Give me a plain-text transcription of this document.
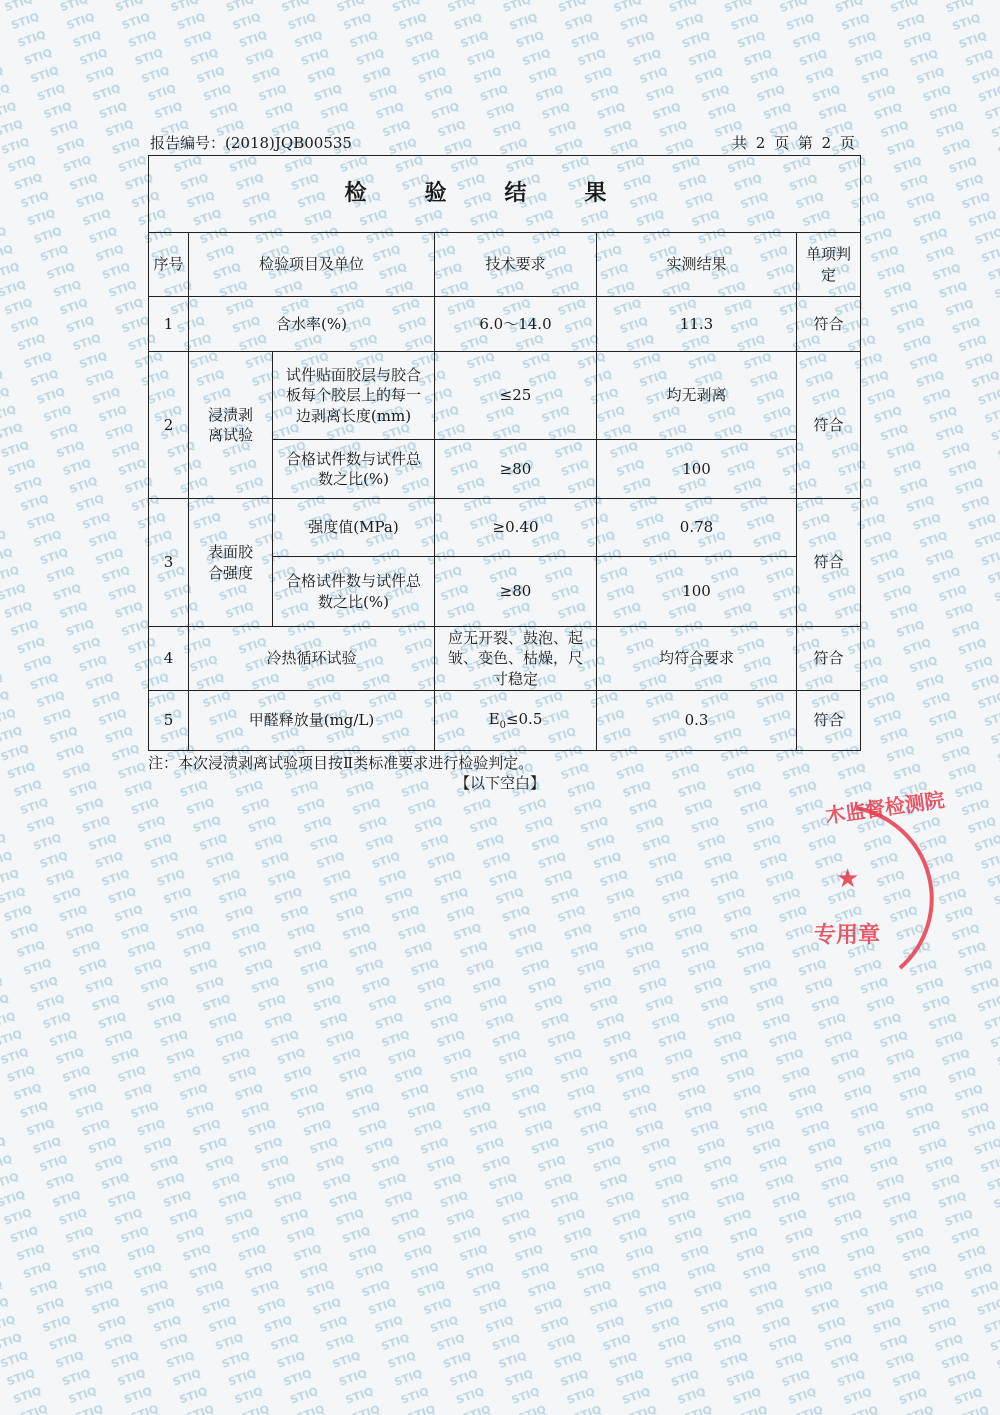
报告编号：(2018)JQB00535	共 2 页 第 2 页
检验结果					
序号	检验项目及单位		技术要求	实测结果	单项判定
1	含水率(%)		6.0～14.0	11.3	符合
2	浸渍剥离试验	试件贴面胶层与胶合板每个胶层上的每一边剥离长度(mm)	≤25	均无剥离	符合
		合格试件数与试件总数之比(%)	≥80	100	
3	表面胶合强度	强度值(MPa)	≥0.40	0.78	符合
		合格试件数与试件总数之比(%)	≥80	100	
4	冷热循环试验		应无开裂、鼓泡、起皱、变色、枯燥，尺寸稳定	均符合要求	符合
5	甲醛释放量(mg/L)		$E_0\le 0.5$	0.3	符合
注：本次浸渍剥离试验项目按Ⅱ类标准要求进行检验判定。
【以下空白】
木监督检测院
★
专用章
